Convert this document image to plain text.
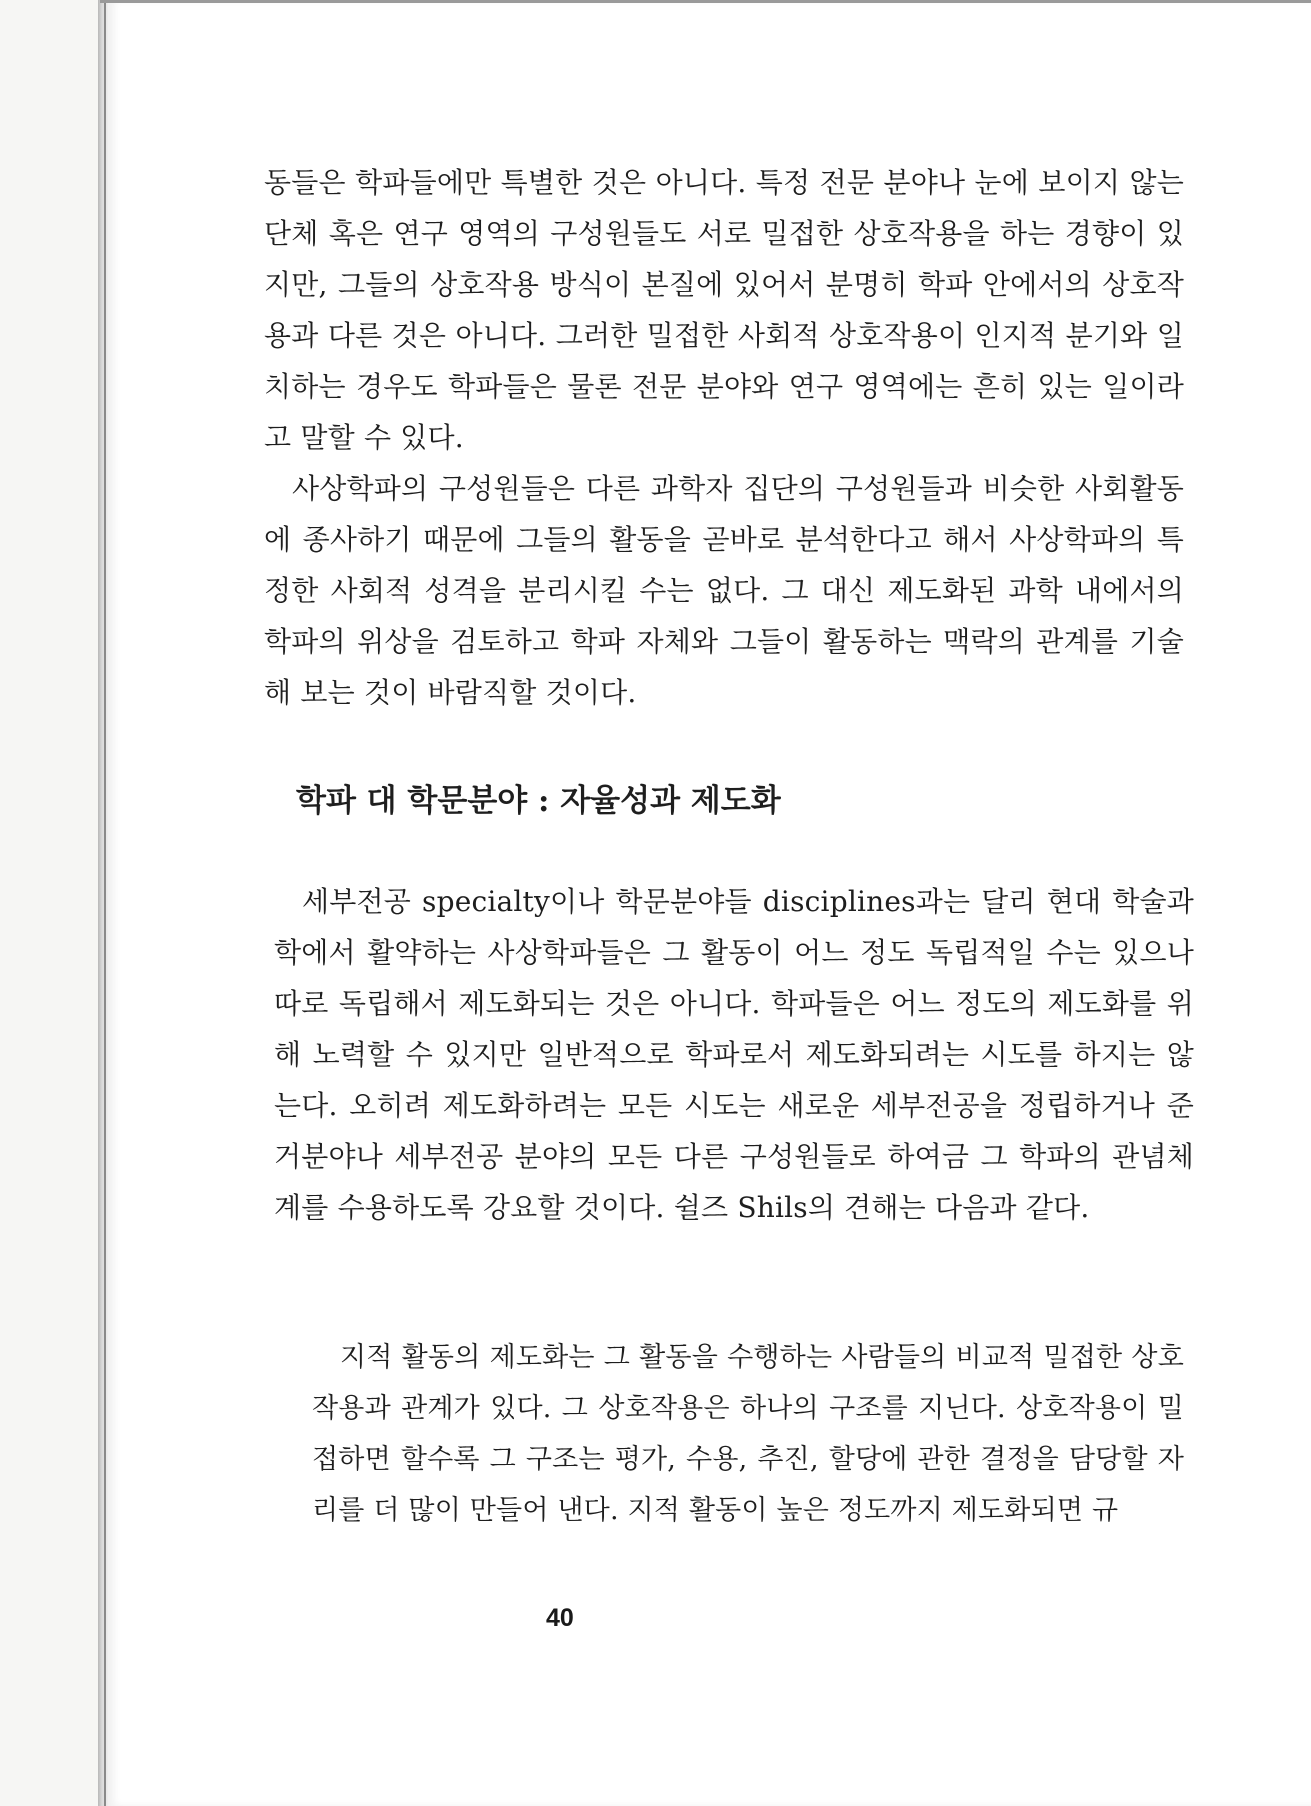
동들은 학파들에만 특별한 것은 아니다. 특정 전문 분야나 눈에 보이지 않는 단체 혹은 연구 영역의 구성원들도 서로 밀접한 상호작용을 하는 경향이 있지만, 그들의 상호작용 방식이 본질에 있어서 분명히 학파 안에서의 상호작용과 다른 것은 아니다. 그러한 밀접한 사회적 상호작용이 인지적 분기와 일치하는 경우도 학파들은 물론 전문 분야와 연구 영역에는 흔히 있는 일이라고 말할 수 있다.

사상학파의 구성원들은 다른 과학자 집단의 구성원들과 비슷한 사회활동에 종사하기 때문에 그들의 활동을 곧바로 분석한다고 해서 사상학파의 특정한 사회적 성격을 분리시킬 수는 없다. 그 대신 제도화된 과학 내에서의 학파의 위상을 검토하고 학파 자체와 그들이 활동하는 맥락의 관계를 기술해 보는 것이 바람직할 것이다.

학파 대 학문분야 : 자율성과 제도화

세부전공 specialty이나 학문분야들 disciplines과는 달리 현대 학술과학에서 활약하는 사상학파들은 그 활동이 어느 정도 독립적일 수는 있으나 따로 독립해서 제도화되는 것은 아니다. 학파들은 어느 정도의 제도화를 위해 노력할 수 있지만 일반적으로 학파로서 제도화되려는 시도를 하지는 않는다. 오히려 제도화하려는 모든 시도는 새로운 세부전공을 정립하거나 준거분야나 세부전공 분야의 모든 다른 구성원들로 하여금 그 학파의 관념체계를 수용하도록 강요할 것이다. 쉴즈 Shils의 견해는 다음과 같다.

지적 활동의 제도화는 그 활동을 수행하는 사람들의 비교적 밀접한 상호작용과 관계가 있다. 그 상호작용은 하나의 구조를 지닌다. 상호작용이 밀접하면 할수록 그 구조는 평가, 수용, 추진, 할당에 관한 결정을 담당할 자리를 더 많이 만들어 낸다. 지적 활동이 높은 정도까지 제도화되면 규

40
